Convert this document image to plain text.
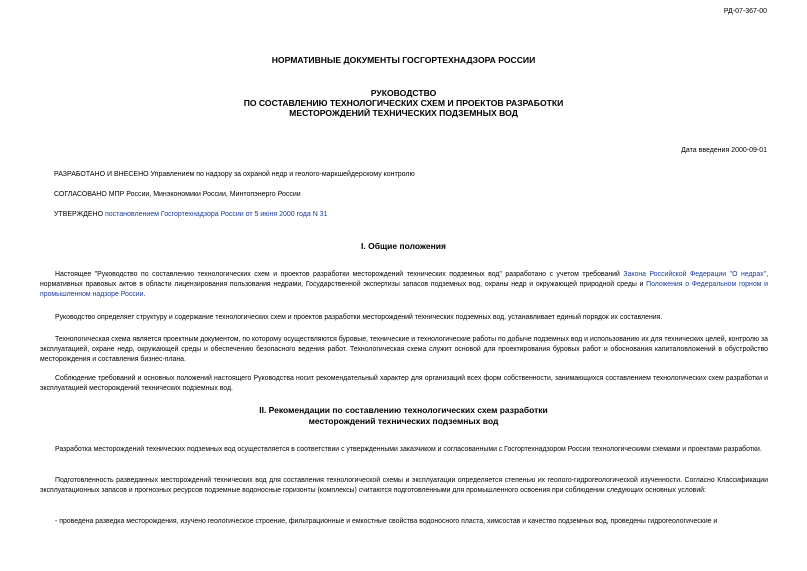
РД-07-367-00
НОРМАТИВНЫЕ ДОКУМЕНТЫ ГОСГОРТЕХНАДЗОРА РОССИИ
РУКОВОДСТВО
ПО СОСТАВЛЕНИЮ ТЕХНОЛОГИЧЕСКИХ СХЕМ И ПРОЕКТОВ РАЗРАБОТКИ
МЕСТОРОЖДЕНИЙ ТЕХНИЧЕСКИХ ПОДЗЕМНЫХ ВОД
Дата введения 2000-09-01
РАЗРАБОТАНО И ВНЕСЕНО Управлением по надзору за охраной недр и геолого-маркшейдерскому контролю
СОГЛАСОВАНО МПР России, Минэкономики России, Минтопэнерго России
УТВЕРЖДЕНО постановлением Госгортехнадзора России от 5 июня 2000 года N 31
I. Общие положения
Настоящее "Руководство по составлению технологических схем и проектов разработки месторождений технических подземных вод" разработано с учетом требований Закона Российской Федерации "О недрах", нормативных правовых актов в области лицензирования пользования недрами, Государственной экспертизы запасов подземных вод, охраны недр и окружающей природной среды и Положения о Федеральном горном и промышленном надзоре России.
Руководство определяет структуру и содержание технологических схем и проектов разработки месторождений технических подземных вод, устанавливает единый порядок их составления.
Технологическая схема является проектным документом, по которому осуществляются буровые, технические и технологические работы по добыче подземных вод и использованию их для технических целей, контролю за эксплуатацией, охране недр, окружающей среды и обеспечению безопасного ведения работ. Технологическая схема служит основой для проектирования буровых работ и обоснования капиталовложений в обустройство месторождения и составления бизнес-плана.
Соблюдение требований и основных положений настоящего Руководства носит рекомендательный характер для организаций всех форм собственности, занимающихся составлением технологических схем разработки и эксплуатацией месторождений технических подземных вод.
II. Рекомендации по составлению технологических схем разработки
месторождений технических подземных вод
Разработка месторождений технических подземных вод осуществляется в соответствии с утвержденными заказчиком и согласованными с Госгортехнадзором России технологическими схемами и проектами разработки.
Подготовленность разведанных месторождений технических вод для составления технологической схемы и эксплуатации определяется степенью их геолого-гидрогеологической изученности. Согласно Классификации эксплуатационных запасов и прогнозных ресурсов подземные водоносные горизонты (комплексы) считаются подготовленными для промышленного освоения при соблюдении следующих основных условий:
- проведена разведка месторождения, изучено геологическое строение, фильтрационные и емкостные свойства водоносного пласта, химсостав и качество подземных вод, проведены гидрогеологические и
